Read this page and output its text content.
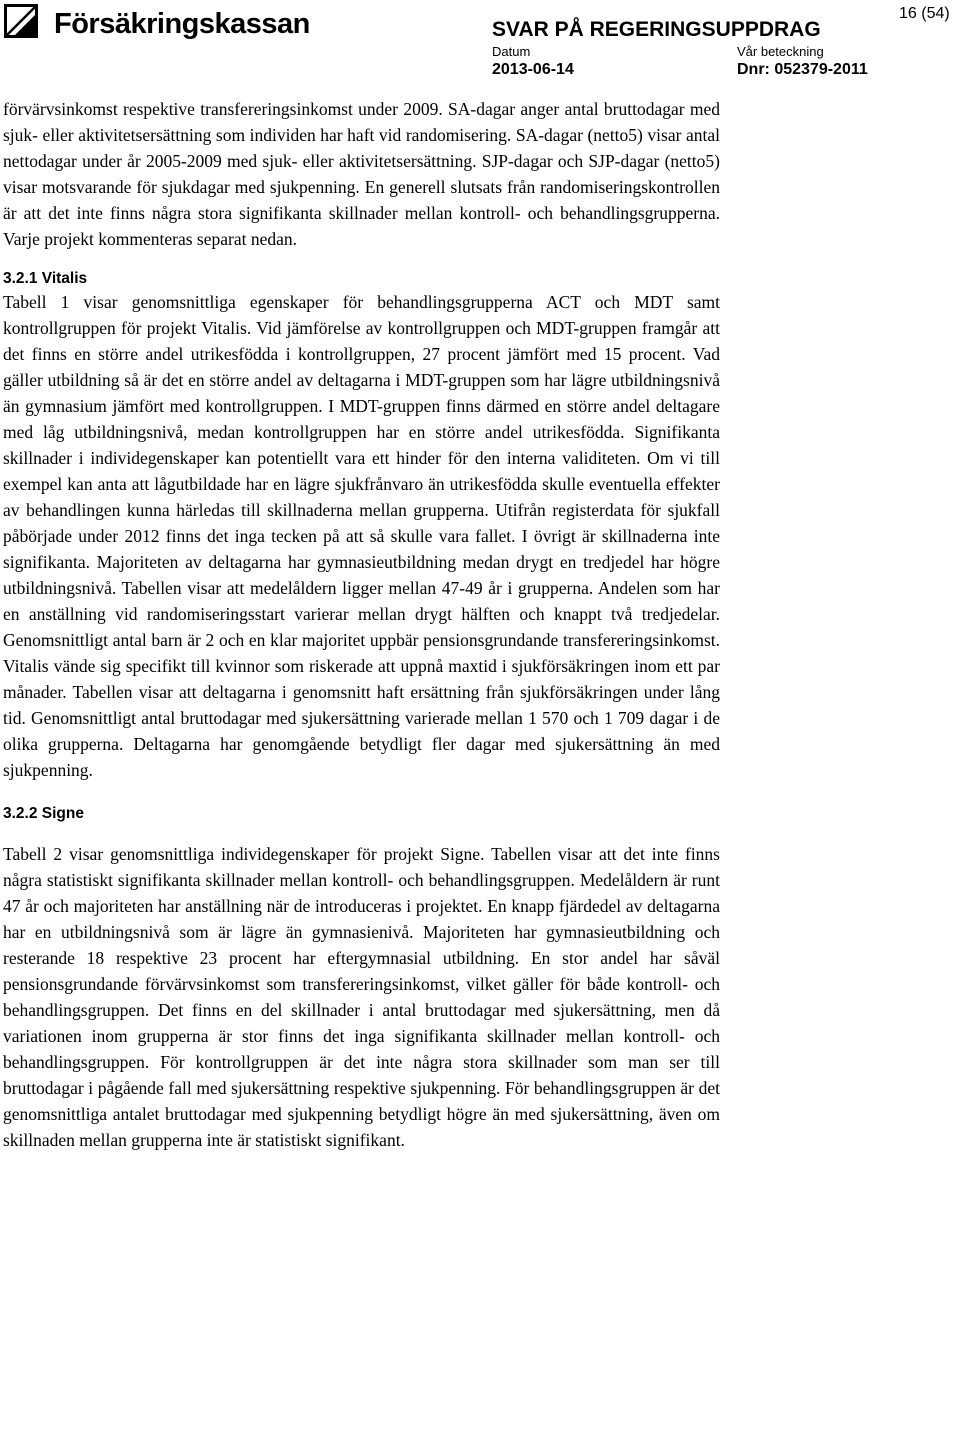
Försäkringskassan	SVAR PÅ REGERINGSUPPDRAG
Datum
2013-06-14
Vår beteckning
Dnr: 052379-2011
16 (54)

förvärvsinkomst respektive transfereringsinkomst under 2009. SA-dagar anger antal bruttodagar med sjuk- eller aktivitetsersättning som individen har haft vid randomisering. SA-dagar (netto5) visar antal nettodagar under år 2005-2009 med sjuk- eller aktivitetsersättning. SJP-dagar och SJP-dagar (netto5) visar motsvarande för sjukdagar med sjukpenning. En generell slutsats från randomiseringskontrollen är att det inte finns några stora signifikanta skillnader mellan kontroll- och behandlingsgrupperna. Varje projekt kommenteras separat nedan.

3.2.1 Vitalis

Tabell 1 visar genomsnittliga egenskaper för behandlingsgrupperna ACT och MDT samt kontrollgruppen för projekt Vitalis. Vid jämförelse av kontrollgruppen och MDT-gruppen framgår att det finns en större andel utrikesfödda i kontrollgruppen, 27 procent jämfört med 15 procent. Vad gäller utbildning så är det en större andel av deltagarna i MDT-gruppen som har lägre utbildningsnivå än gymnasium jämfört med kontrollgruppen. I MDT-gruppen finns därmed en större andel deltagare med låg utbildningsnivå, medan kontrollgruppen har en större andel utrikesfödda. Signifikanta skillnader i individegenskaper kan potentiellt vara ett hinder för den interna validiteten. Om vi till exempel kan anta att lågutbildade har en lägre sjukfrånvaro än utrikesfödda skulle eventuella effekter av behandlingen kunna härledas till skillnaderna mellan grupperna. Utifrån registerdata för sjukfall påbörjade under 2012 finns det inga tecken på att så skulle vara fallet. I övrigt är skillnaderna inte signifikanta. Majoriteten av deltagarna har gymnasieutbildning medan drygt en tredjedel har högre utbildningsnivå. Tabellen visar att medelåldern ligger mellan 47-49 år i grupperna. Andelen som har en anställning vid randomiseringsstart varierar mellan drygt hälften och knappt två tredjedelar. Genomsnittligt antal barn är 2 och en klar majoritet uppbär pensionsgrundande transfereringsinkomst. Vitalis vände sig specifikt till kvinnor som riskerade att uppnå maxtid i sjukförsäkringen inom ett par månader. Tabellen visar att deltagarna i genomsnitt haft ersättning från sjukförsäkringen under lång tid. Genomsnittligt antal bruttodagar med sjukersättning varierade mellan 1 570 och 1 709 dagar i de olika grupperna. Deltagarna har genomgående betydligt fler dagar med sjukersättning än med sjukpenning.

3.2.2 Signe

Tabell 2 visar genomsnittliga individegenskaper för projekt Signe. Tabellen visar att det inte finns några statistiskt signifikanta skillnader mellan kontroll- och behandlingsgruppen. Medelåldern är runt 47 år och majoriteten har anställning när de introduceras i projektet. En knapp fjärdedel av deltagarna har en utbildningsnivå som är lägre än gymnasienivå. Majoriteten har gymnasieutbildning och resterande 18 respektive 23 procent har eftergymnasial utbildning. En stor andel har såväl pensionsgrundande förvärvsinkomst som transfereringsinkomst, vilket gäller för både kontroll- och behandlingsgruppen. Det finns en del skillnader i antal bruttodagar med sjukersättning, men då variationen inom grupperna är stor finns det inga signifikanta skillnader mellan kontroll- och behandlingsgruppen. För kontrollgruppen är det inte några stora skillnader som man ser till bruttodagar i pågående fall med sjukersättning respektive sjukpenning. För behandlingsgruppen är det genomsnittliga antalet bruttodagar med sjukpenning betydligt högre än med sjukersättning, även om skillnaden mellan grupperna inte är statistiskt signifikant.
